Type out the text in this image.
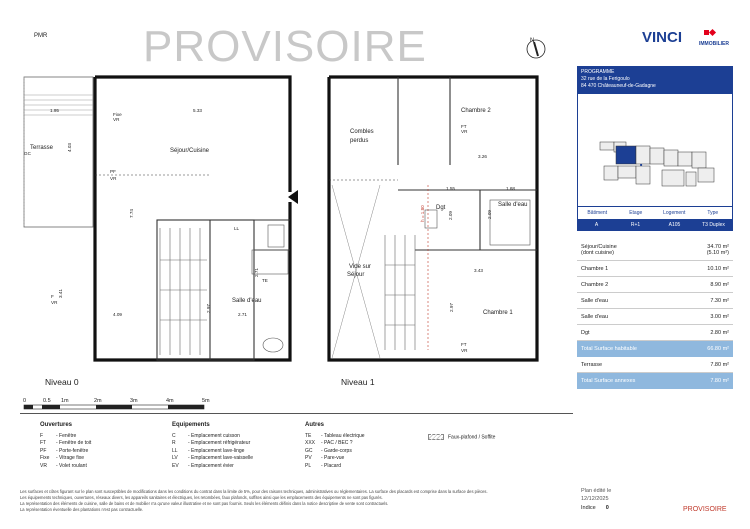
PMR PROVISOIRE	N	VINCI	IMMOBILIER
Terrasse	Séjour/Cuisine
Salle d'eau
Combles
perdus
Chambre 2
Dgt	Salle d'eau
Vide sur
Séjour
Chambre 1
1.95	5.33
Fixe
VR
GC
PF
VR
F
VR
4.09	2.71
FT
VR
3.26
1.55	1.68
3.43
FT
VR
LL
TE
4.03
7.74
3.41
2.97
2.71
h = 1.80	2.09	2.09
2.97
Niveau 0	Niveau 1
0	0.5 1m	2m	3m	4m	5m
Ouvertures
F	- Fenêtre
FT - Fenêtre de toit
PF - Porte-fenêtre
Fixe - Vitrage fixe
VR - Volet roulant
Equipements
C - Emplacement cuisson
R - Emplacement réfrigérateur
LL - Emplacement lave-linge
LV - Emplacement lave-vaisselle
EV - Emplacement évier
Autres
TE - Tableau électrique
XXX - PAC / BEC ?
GC - Garde-corps
PV - Pare-vue
PL - Placard
Faux-plafond / Soffite
Les surfaces et côtes figurant sur le plan sont susceptibles de modifications dans les conditions du contrat dans la limite de 5%, pour des raisons techniques, administratives ou réglementaires. La surface des placards est comprise dans la surface des pièces.
Les équipements techniques, ouvertures, réseaux divers, les appareils sanitaires et électriques, les retombées, faux plafonds, soffites ainsi que les emplacements des équipements ne sont pas figurés.
La représentation des éléments de cuisine, salle de bains et de mobilier n'a qu'une valeur illustrative et ne sont pas fournis. Seuls les éléments définis dans la notice descriptive de vente sont contractuels.
La représentation éventuelle des plantations n'est pas contractuelle.
Plan édité le
12/12/2025
Indice 0	PROVISOIRE
PROGRAMME
32 rue de la Ferigoulo
84 470 Châteauneuf-de-Gadagne
■
Bâtiment	Etage	Logement	Type
A	R+1	A105	T3 Duplex
Séjour/Cuisine
(dont cuisine)
34.70 m²
(5.10 m²)
Chambre 1	10.10 m²
Chambre 2	8.90 m²
Salle d'eau	7.30 m²
Salle d'eau	3.00 m²
Dgt	2.80 m²
Total Surface habitable	66.80 m²
Terrasse	7.80 m²
Total Surface annexes	7.80 m²
